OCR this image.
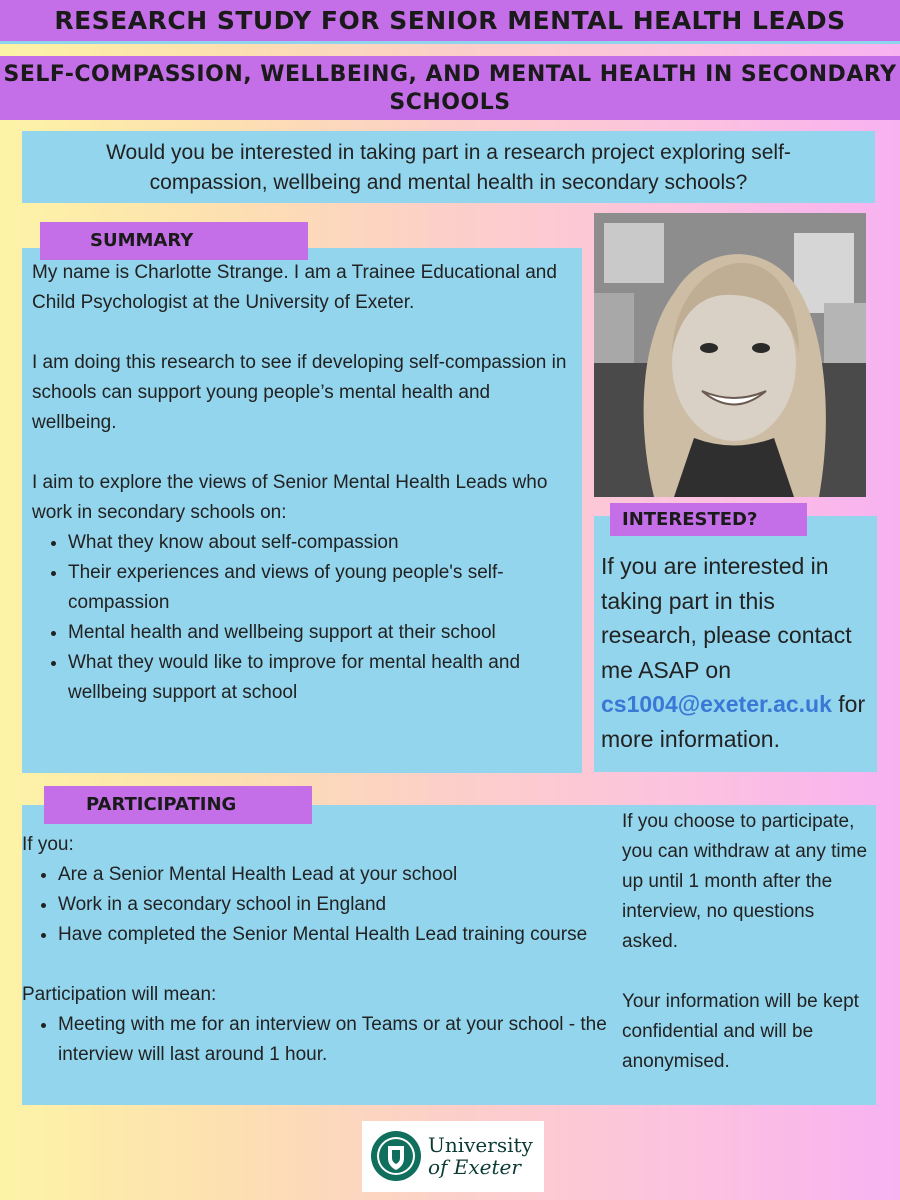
RESEARCH STUDY FOR SENIOR MENTAL HEALTH LEADS
SELF-COMPASSION, WELLBEING, AND MENTAL HEALTH IN SECONDARY SCHOOLS
Would you be interested in taking part in a research project exploring self-compassion, wellbeing and mental health in secondary schools?

My name is Charlotte Strange. I am a Trainee Educational and Child Psychologist at the University of Exeter.

I am doing this research to see if developing self-compassion in schools can support young people’s mental health and wellbeing.

I aim to explore the views of Senior Mental Health Leads who work in secondary schools on:

• What they know about self-compassion
• Their experiences and views of young people's self-compassion
• Mental health and wellbeing support at their school
• What they would like to improve for mental health and wellbeing support at school
SUMMARY
If you are interested in taking part in this research, please contact me ASAP on cs1004@exeter.ac.uk for more information.
INTERESTED?

If you:

• Are a Senior Mental Health Lead at your school
• Work in a secondary school in England
• Have completed the Senior Mental Health Lead training course

Participation will mean:

• Meeting with me for an interview on Teams or at your school - the interview will last around 1 hour.

If you choose to participate, you can withdraw at any time up until 1 month after the interview, no questions asked.

Your information will be kept confidential and will be anonymised.

PARTICIPATING
University
of Exeter
